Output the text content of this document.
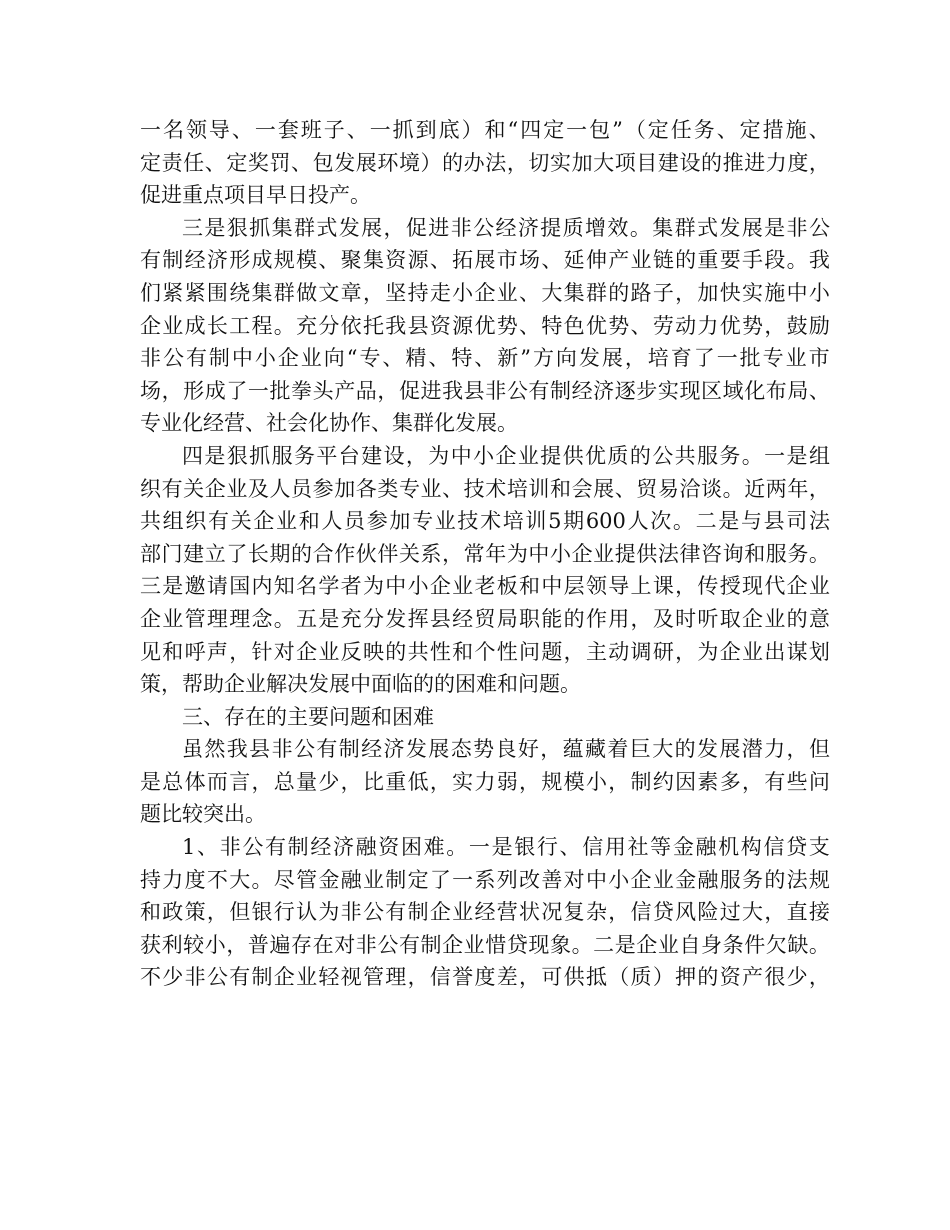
一 名 领 导 、 一 套 班 子 、 一 抓 到 底 ） 和 “ 四 定 一 包 ” （ 定 任 务 、 定 措 施 、
定 责 任 、 定 奖 罚 、 包 发 展 环 境 ） 的 办 法 ， 切 实 加 大 项 目 建 设 的 推 进 力 度 ，
促进重点项目早日投产。
三 是 狠 抓 集 群 式 发 展 ， 促 进 非 公 经 济 提 质 增 效 。 集 群 式 发 展 是 非 公
有 制 经 济 形 成 规 模 、 聚 集 资 源 、 拓 展 市 场 、 延 伸 产 业 链 的 重 要 手 段 。 我
们 紧 紧 围 绕 集 群 做 文 章 ， 坚 持 走 小 企 业 、 大 集 群 的 路 子 ， 加 快 实 施 中 小
企 业 成 长 工 程 。 充 分 依 托 我 县 资 源 优 势 、 特 色 优 势 、 劳 动 力 优 势 ， 鼓 励
非 公 有 制 中 小 企 业 向 “ 专 、 精 、 特 、 新 ” 方 向 发 展 ， 培 育 了 一 批 专 业 市
场 ， 形 成 了 一 批 拳 头 产 品 ， 促 进 我 县 非 公 有 制 经 济 逐 步 实 现 区 域 化 布 局 、
专业化经营、社会化协作、集群化发展。
四 是 狠 抓 服 务 平 台 建 设 ， 为 中 小 企 业 提 供 优 质 的 公 共 服 务 。 一 是 组
织 有 关 企 业 及 人 员 参 加 各 类 专 业 、 技 术 培 训 和 会 展 、 贸 易 洽 谈 。 近 两 年 ，
共 组 织 有 关 企 业 和 人 员 参 加 专 业 技 术 培 训 5 期 600 人 次 。 二 是 与 县 司 法
部 门 建 立 了 长 期 的 合 作 伙 伴 关 系 ， 常 年 为 中 小 企 业 提 供 法 律 咨 询 和 服 务 。
三 是 邀 请 国 内 知 名 学 者 为 中 小 企 业 老 板 和 中 层 领 导 上 课 ， 传 授 现 代 企 业
企 业 管 理 理 念 。 五 是 充 分 发 挥 县 经 贸 局 职 能 的 作 用 ， 及 时 听 取 企 业 的 意
见 和 呼 声 ， 针 对 企 业 反 映 的 共 性 和 个 性 问 题 ， 主 动 调 研 ， 为 企 业 出 谋 划
策，帮助企业解决发展中面临的的困难和问题。
三、存在的主要问题和困难
虽 然 我 县 非 公 有 制 经 济 发 展 态 势 良 好 ， 蕴 藏 着 巨 大 的 发 展 潜 力 ， 但
是 总 体 而 言 ， 总 量 少 ， 比 重 低 ， 实 力 弱 ， 规 模 小 ， 制 约 因 素 多 ， 有 些 问
题比较突出。
1 、 非 公 有 制 经 济 融 资 困 难 。 一 是 银 行 、 信 用 社 等 金 融 机 构 信 贷 支
持 力 度 不 大 。 尽 管 金 融 业 制 定 了 一 系 列 改 善 对 中 小 企 业 金 融 服 务 的 法 规
和 政 策 ， 但 银 行 认 为 非 公 有 制 企 业 经 营 状 况 复 杂 ， 信 贷 风 险 过 大 ， 直 接
获 利 较 小 ， 普 遍 存 在 对 非 公 有 制 企 业 惜 贷 现 象 。 二 是 企 业 自 身 条 件 欠 缺 。
不 少 非 公 有 制 企 业 轻 视 管 理 ， 信 誉 度 差 ， 可 供 抵 （ 质 ） 押 的 资 产 很 少 ，
